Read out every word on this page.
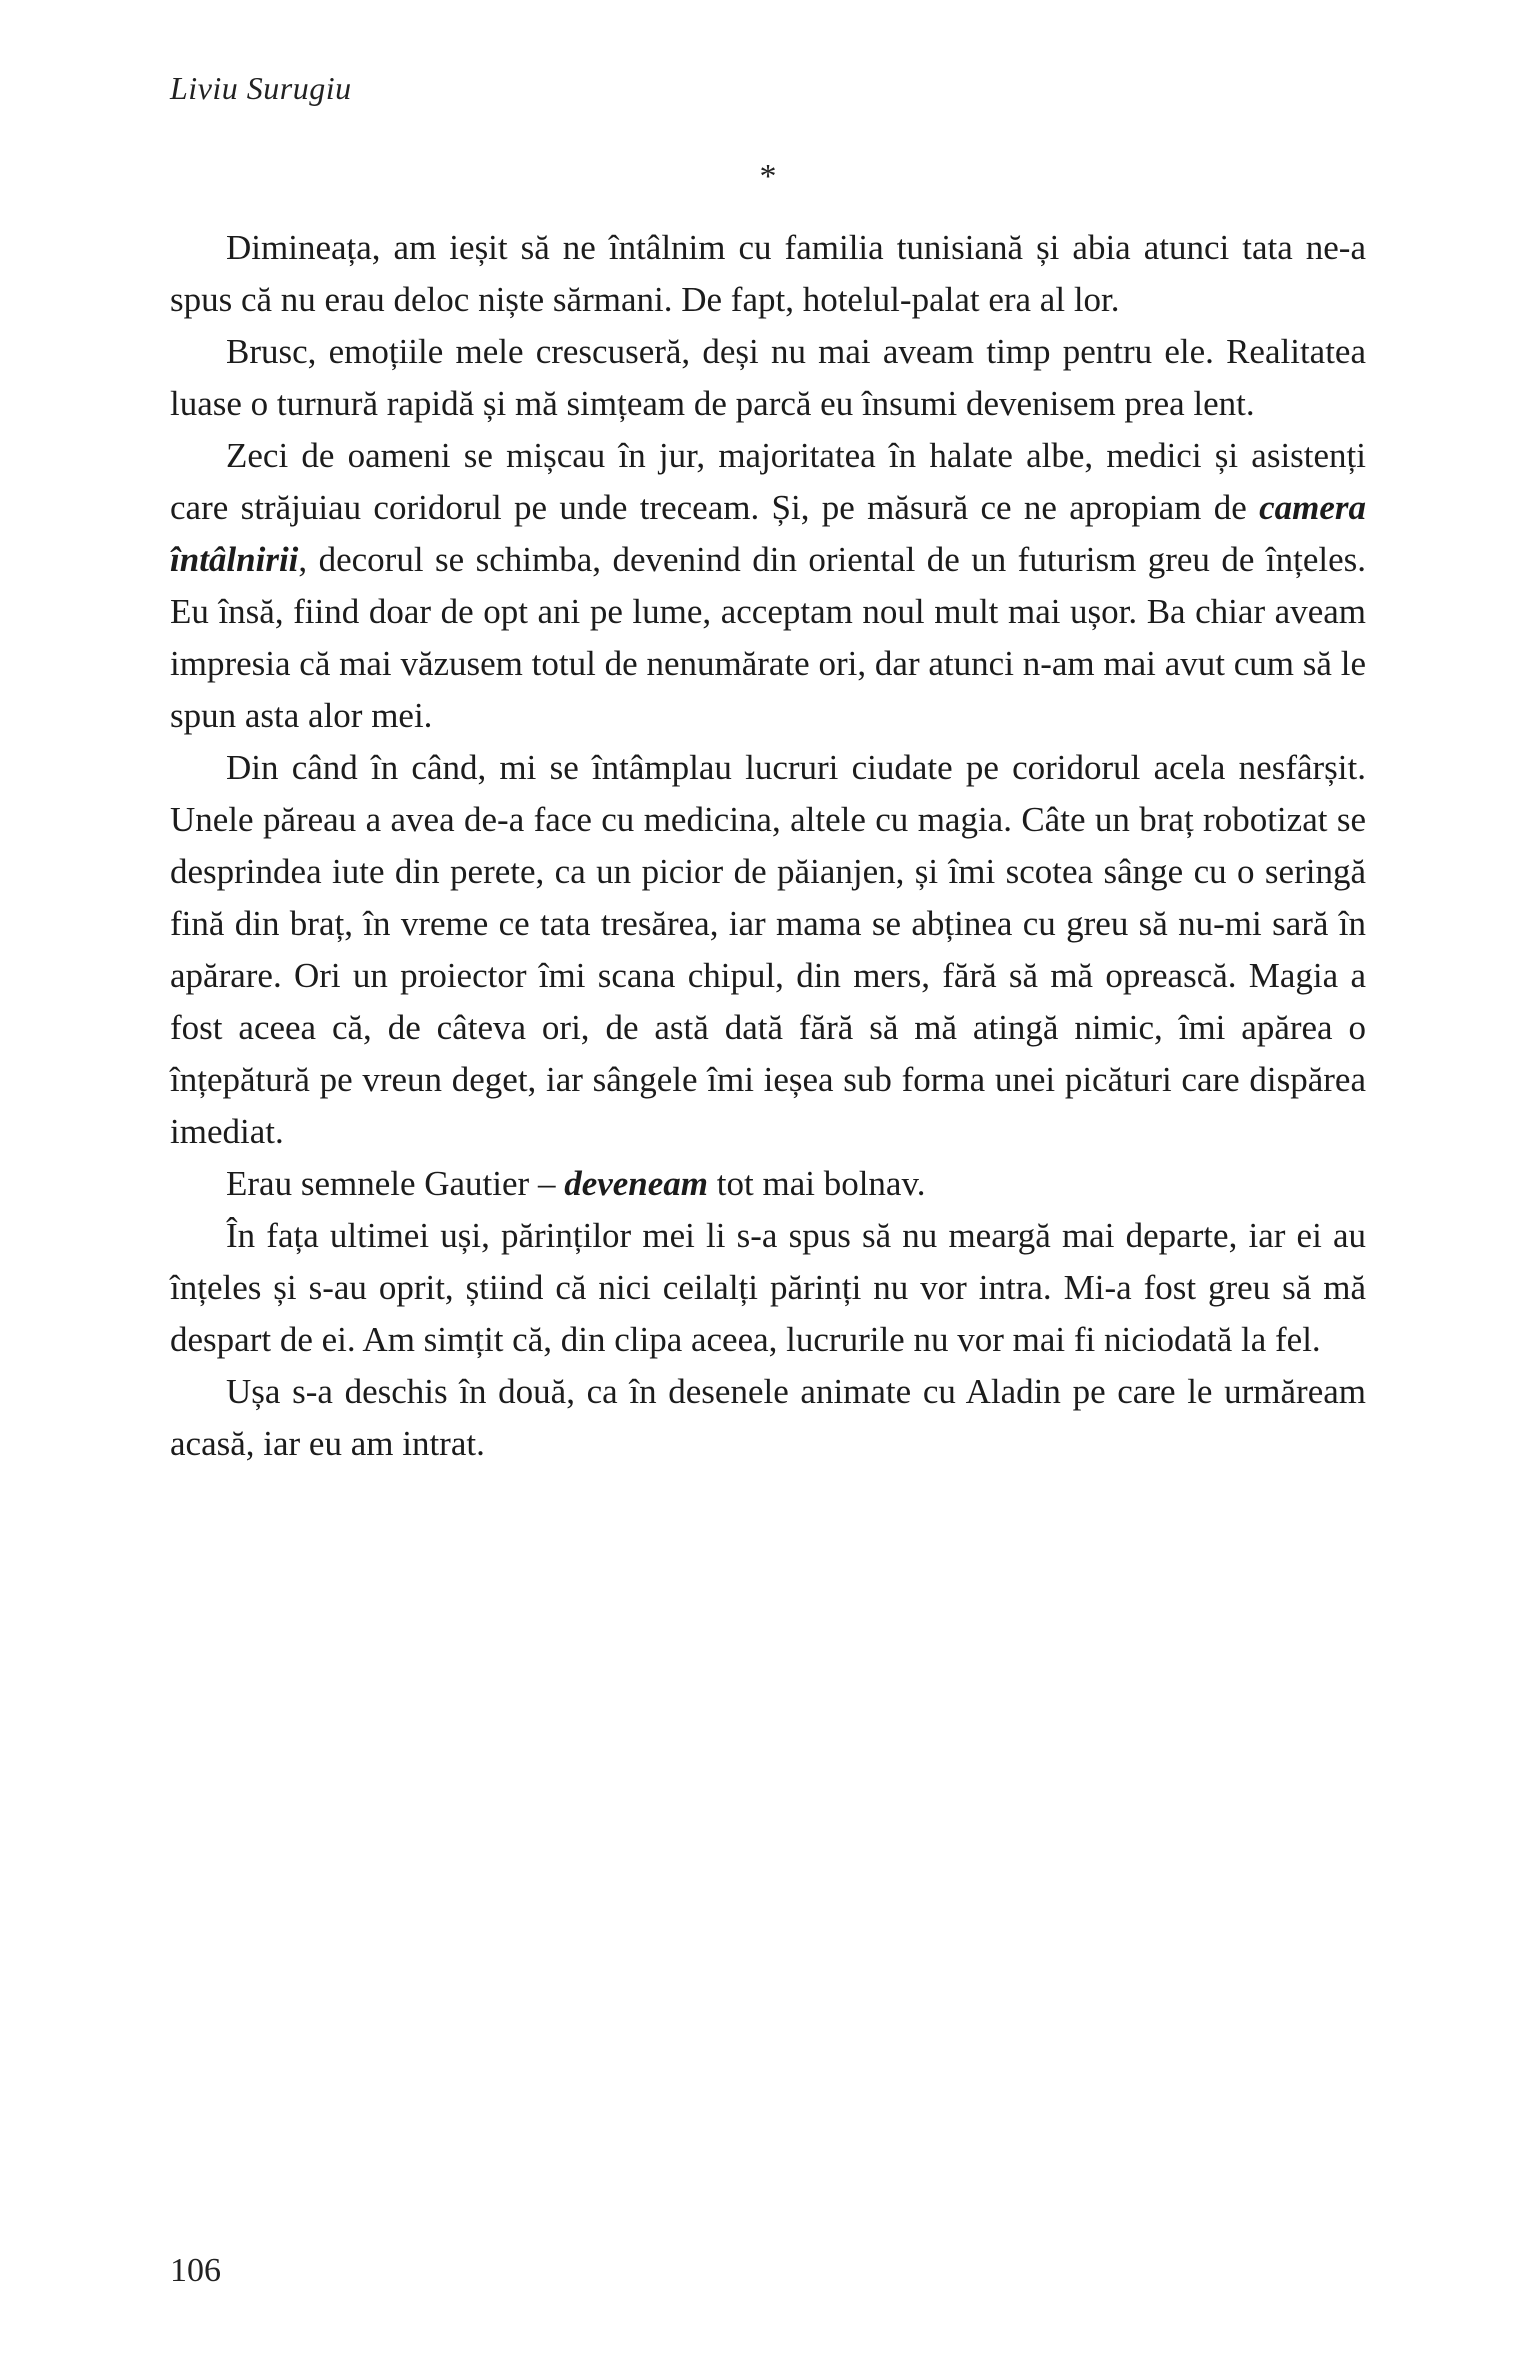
Liviu Surugiu
*

Dimineața, am ieșit să ne întâlnim cu familia tunisiană și abia atunci tata ne-a spus că nu erau deloc niște sărmani. De fapt, hotelul-palat era al lor.

Brusc, emoțiile mele crescuseră, deși nu mai aveam timp pentru ele. Realitatea luase o turnură rapidă și mă simțeam de parcă eu însumi devenisem prea lent.

Zeci de oameni se mișcau în jur, majoritatea în halate albe, medici și asistenți care străjuiau coridorul pe unde treceam. Și, pe măsură ce ne apropiam de camera întâlnirii, decorul se schimba, devenind din oriental de un futurism greu de înțeles. Eu însă, fiind doar de opt ani pe lume, acceptam noul mult mai ușor. Ba chiar aveam impresia că mai văzusem totul de nenumărate ori, dar atunci n-am mai avut cum să le spun asta alor mei.

Din când în când, mi se întâmplau lucruri ciudate pe coridorul acela nesfârșit. Unele păreau a avea de-a face cu medicina, altele cu magia. Câte un braț robotizat se desprindea iute din perete, ca un picior de păianjen, și îmi scotea sânge cu o seringă fină din braț, în vreme ce tata tresărea, iar mama se abținea cu greu să nu-mi sară în apărare. Ori un proiector îmi scana chipul, din mers, fără să mă oprească. Magia a fost aceea că, de câteva ori, de astă dată fără să mă atingă nimic, îmi apărea o înțepătură pe vreun deget, iar sângele îmi ieșea sub forma unei picături care dispărea imediat.

Erau semnele Gautier – deveneam tot mai bolnav.

În fața ultimei uși, părinților mei li s-a spus să nu meargă mai departe, iar ei au înțeles și s-au oprit, știind că nici ceilalți părinți nu vor intra. Mi-a fost greu să mă despart de ei. Am simțit că, din clipa aceea, lucrurile nu vor mai fi niciodată la fel.

Ușa s-a deschis în două, ca în desenele animate cu Aladin pe care le urmăream acasă, iar eu am intrat.

106
